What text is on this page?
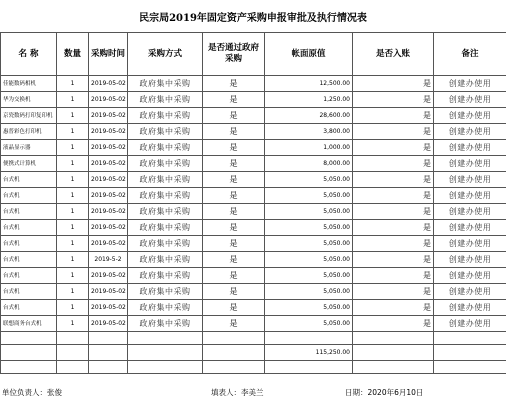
民宗局2019年固定资产采购申报审批及执行情况表
名 称	数量	采购时间	采购方式	是否通过政府采购	帐面原值	是否入账	备注
佳能数码相机	1	2019-05-02	政府集中采购	是	12,500.00	是	创建办使用
华为交换机	1	2019-05-02	政府集中采购	是	1,250.00	是	创建办使用
京瓷数码打印复印机	1	2019-05-02	政府集中采购	是	28,600.00	是	创建办使用
惠普彩色打印机	1	2019-05-02	政府集中采购	是	3,800.00	是	创建办使用
液晶显示器	1	2019-05-02	政府集中采购	是	1,000.00	是	创建办使用
便携式计算机	1	2019-05-02	政府集中采购	是	8,000.00	是	创建办使用
台式机	1	2019-05-02	政府集中采购	是	5,050.00	是	创建办使用
台式机	1	2019-05-02	政府集中采购	是	5,050.00	是	创建办使用
台式机	1	2019-05-02	政府集中采购	是	5,050.00	是	创建办使用
台式机	1	2019-05-02	政府集中采购	是	5,050.00	是	创建办使用
台式机	1	2019-05-02	政府集中采购	是	5,050.00	是	创建办使用
台式机	1	2019-5-2	政府集中采购	是	5,050.00	是	创建办使用
台式机	1	2019-05-02	政府集中采购	是	5,050.00	是	创建办使用
台式机	1	2019-05-02	政府集中采购	是	5,050.00	是	创建办使用
台式机	1	2019-05-02	政府集中采购	是	5,050.00	是	创建办使用
联想商务台式机	1	2019-05-02	政府集中采购	是	5,050.00	是	创建办使用

					115,250.00		

单位负责人：张俊	填表人：李美兰	日期：2020年6月10日
